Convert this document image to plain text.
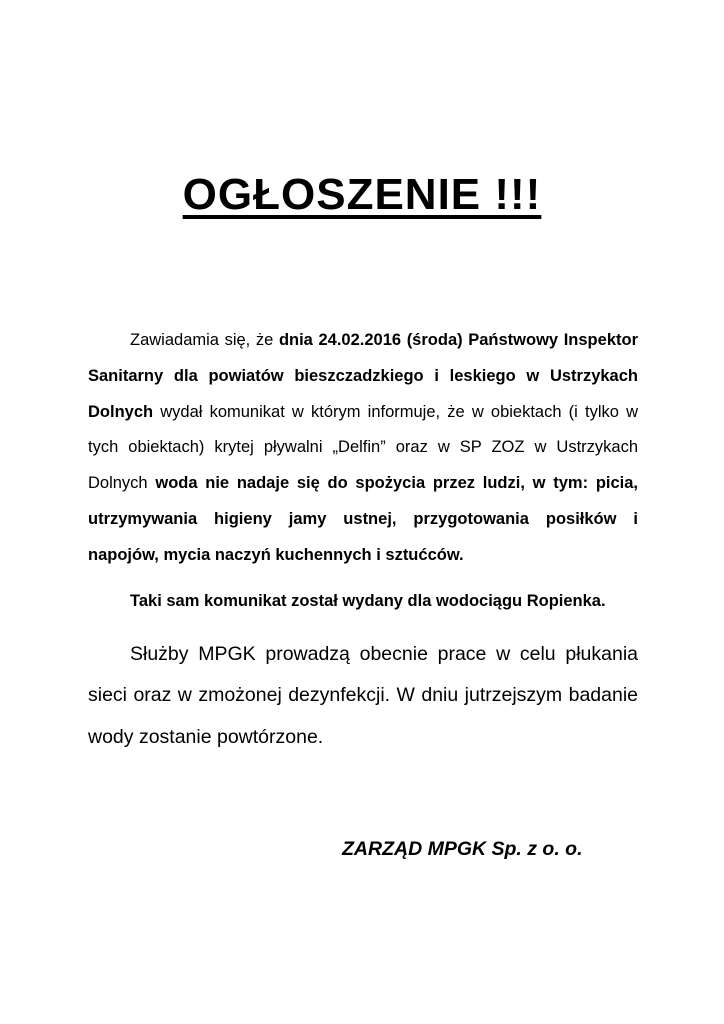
OGŁOSZENIE !!!

Zawiadamia się, że dnia 24.02.2016 (środa) Państwowy Inspektor Sanitarny dla powiatów bieszczadzkiego i leskiego w Ustrzykach Dolnych wydał komunikat w którym informuje, że w obiektach (i tylko w tych obiektach) krytej pływalni „Delfin” oraz w SP ZOZ w Ustrzykach Dolnych woda nie nadaje się do spożycia przez ludzi, w tym: picia, utrzymywania higieny jamy ustnej, przygotowania posiłków i napojów, mycia naczyń kuchennych i sztućców.

Taki sam komunikat został wydany dla wodociągu Ropienka.

Służby MPGK prowadzą obecnie prace w celu płukania sieci oraz w zmożonej dezynfekcji. W dniu jutrzejszym badanie wody zostanie powtórzone.

ZARZĄD MPGK Sp. z o. o.
